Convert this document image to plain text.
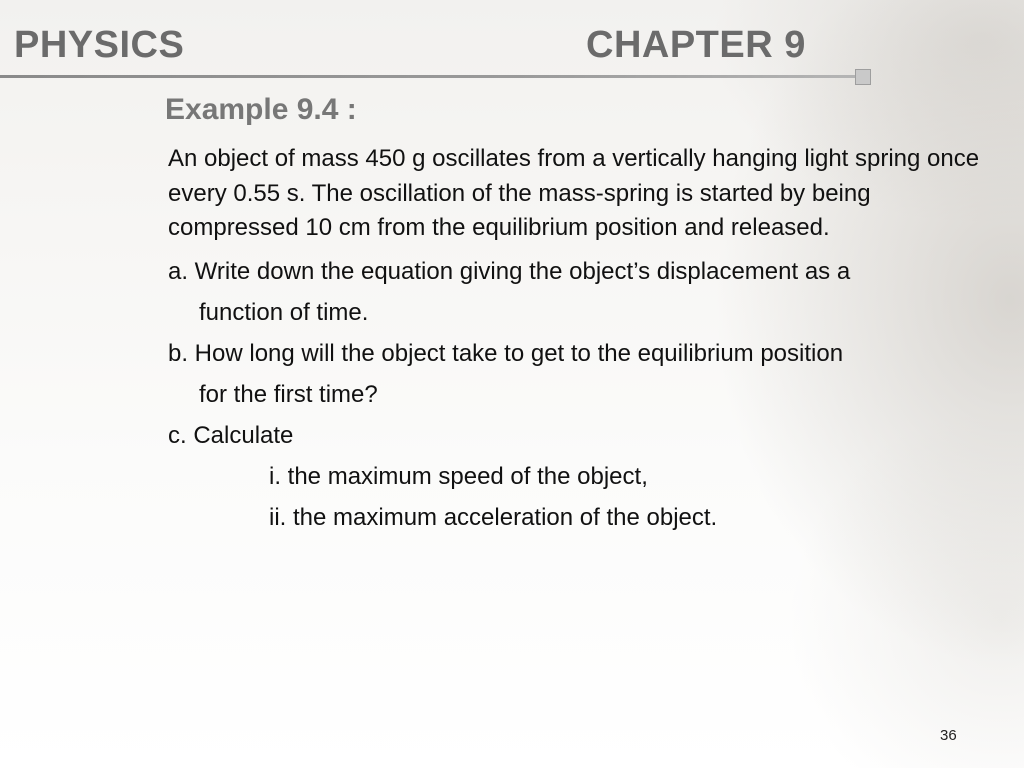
PHYSICS	CHAPTER 9
Example 9.4 :

An object of mass 450 g oscillates from a vertically hanging light spring once every 0.55 s. The oscillation of the mass-spring is started by being compressed 10 cm from the equilibrium position and released.

a. Write down the equation giving the object’s displacement as a

function of time.

b. How long will the object take to get to the equilibrium position

for the first time?

c. Calculate

i. the maximum speed of the object,

ii. the maximum acceleration of the object.

36
